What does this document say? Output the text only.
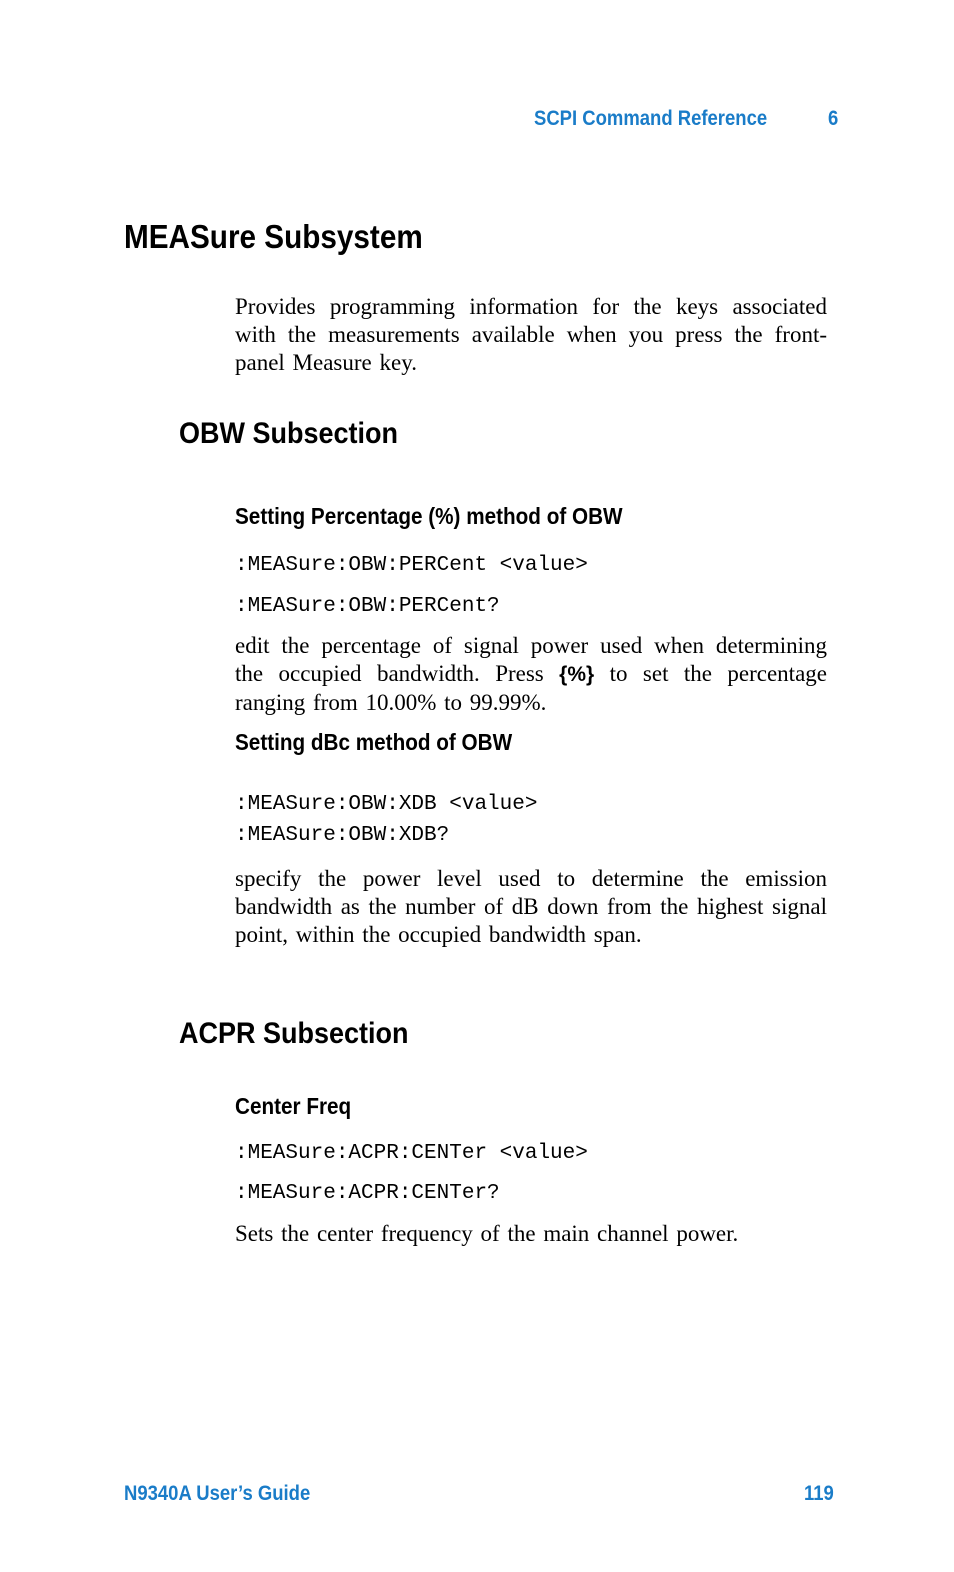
SCPI Command Reference	6
MEASure Subsystem
Provides programming information for the keys associated with the measurements available when you press the front-panel Measure key.
OBW Subsection
Setting Percentage (%) method of OBW
:MEASure:OBW:PERCent <value>
:MEASure:OBW:PERCent?
edit the percentage of signal power used when determining the occupied bandwidth. Press {%} to set the percentage ranging from 10.00% to 99.99%.
Setting dBc method of OBW
:MEASure:OBW:XDB <value>
:MEASure:OBW:XDB?
specify the power level used to determine the emission bandwidth as the number of dB down from the highest signal point, within the occupied bandwidth span.
ACPR Subsection
Center Freq
:MEASure:ACPR:CENTer <value>
:MEASure:ACPR:CENTer?
Sets the center frequency of the main channel power.
N9340A User’s Guide	119
